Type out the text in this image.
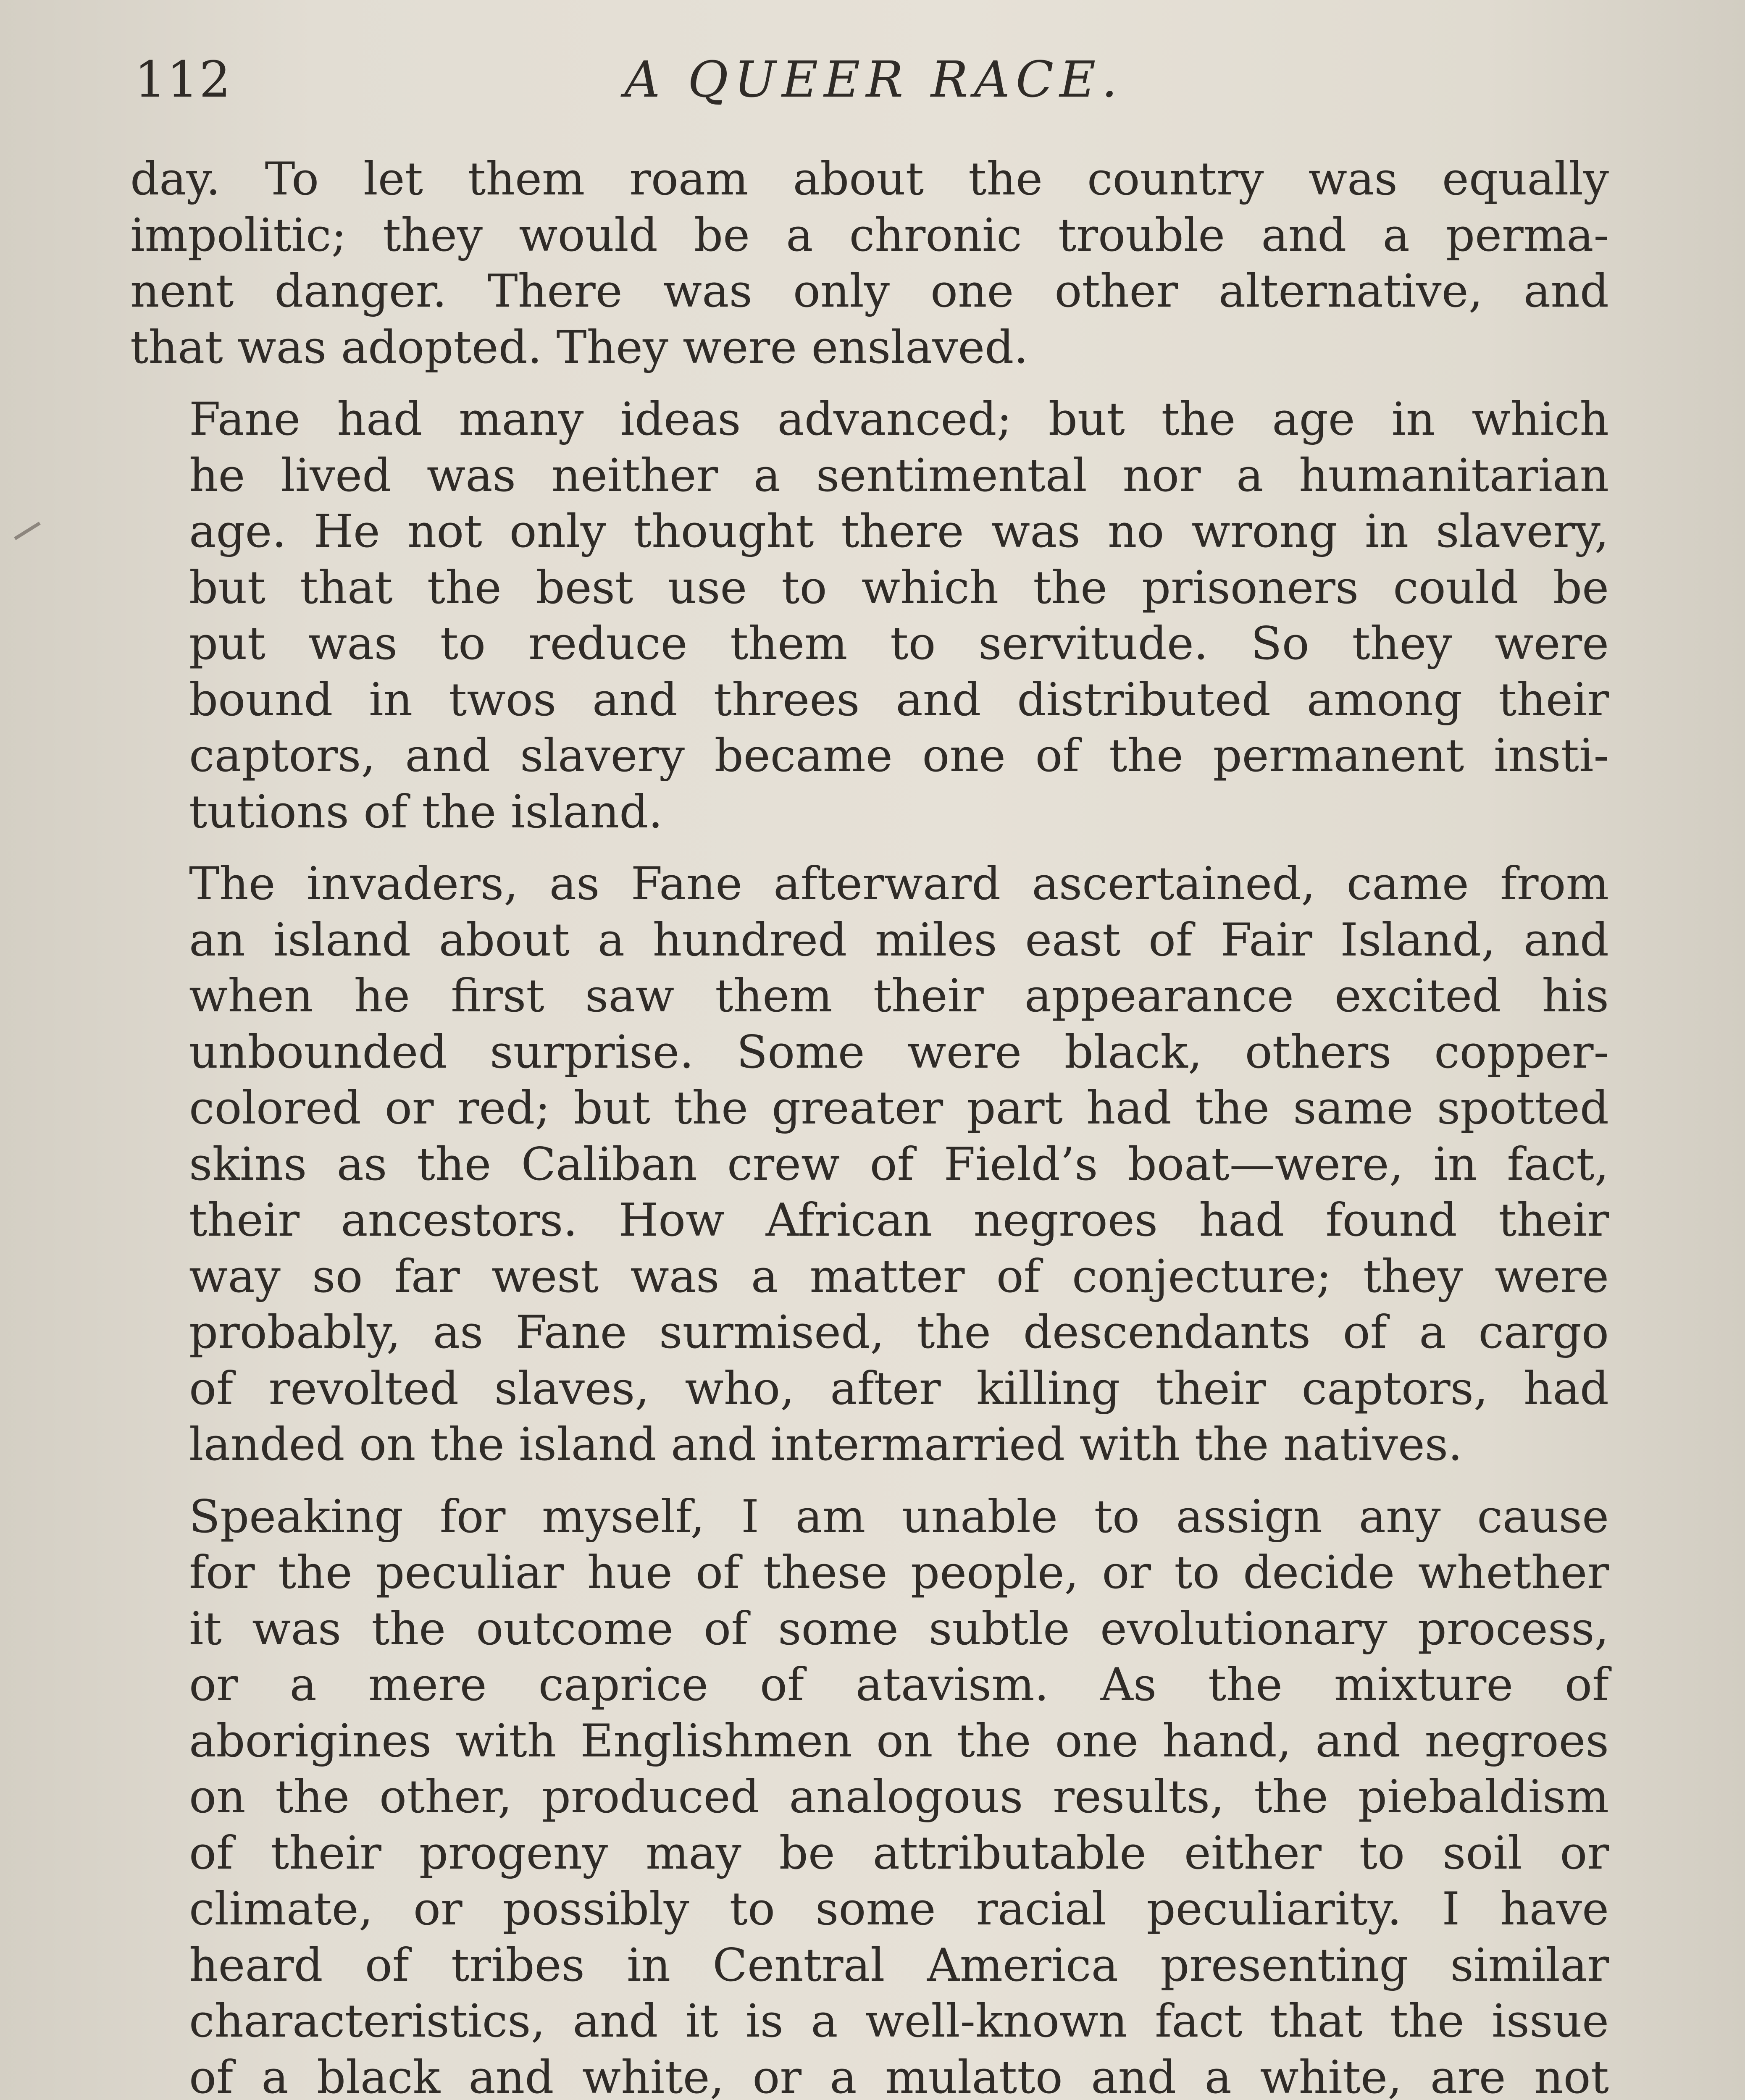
112	A QUEER RACE.
day. To let them roam about the country was equally
impolitic; they would be a chronic trouble and a perma-
nent danger. There was only one other alternative, and
that was adopted. They were enslaved.
Fane had many ideas advanced; but the age in which
he lived was neither a sentimental nor a humanitarian
age. He not only thought there was no wrong in slavery,
but that the best use to which the prisoners could be
put was to reduce them to servitude. So they were
bound in twos and threes and distributed among their
captors, and slavery became one of the permanent insti-
tutions of the island.
The invaders, as Fane afterward ascertained, came from
an island about a hundred miles east of Fair Island, and
when he first saw them their appearance excited his
unbounded surprise. Some were black, others copper-
colored or red; but the greater part had the same spotted
skins as the Caliban crew of Field’s boat—were, in fact,
their ancestors. How African negroes had found their
way so far west was a matter of conjecture; they were
probably, as Fane surmised, the descendants of a cargo
of revolted slaves, who, after killing their captors, had
landed on the island and intermarried with the natives.
Speaking for myself, I am unable to assign any cause
for the peculiar hue of these people, or to decide whether
it was the outcome of some subtle evolutionary process,
or a mere caprice of atavism. As the mixture of
aborigines with Englishmen on the one hand, and negroes
on the other, produced analogous results, the piebaldism
of their progeny may be attributable either to soil or
climate, or possibly to some racial peculiarity. I have
heard of tribes in Central America presenting similar
characteristics, and it is a well-known fact that the issue
of a black and white, or a mulatto and a white, are not
